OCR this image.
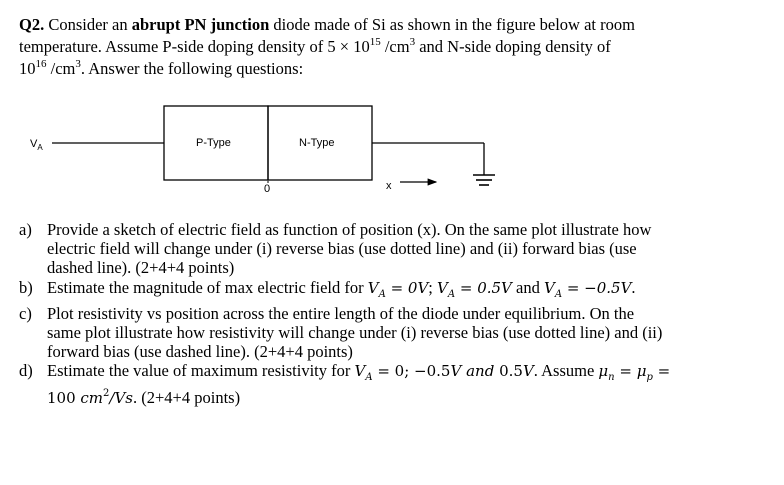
Q2. Consider an abrupt PN junction diode made of Si as shown in the figure below at room
temperature. Assume P-side doping density of $5 \times 10^{15}$ $/cm^3$ and N-side doping density of
$10^{16}$ $/cm^3$. Answer the following questions:
$V_A$	P-Type	N-Type
0	x
a) Provide a sketch of electric field as function of position (x). On the same plot illustrate how
electric field will change under (i) reverse bias (use dotted line) and (ii) forward bias (use
dashed line). (2+4+4 points)
b) Estimate the magnitude of max electric field for $V_A = 0V$; $V_A = 0.5V$ and $V_A = -0.5V$.
c) Plot resistivity vs position across the entire length of the diode under equilibrium. On the
same plot illustrate how resistivity will change under (i) reverse bias (use dotted line) and (ii)
forward bias (use dashed line). (2+4+4 points)
d) Estimate the value of maximum resistivity for $V_A = 0$; −0.5V and 0.5V. Assume $\mu_n = \mu_p$ =
100 $cm^2/Vs$. (2+4+4 points)
